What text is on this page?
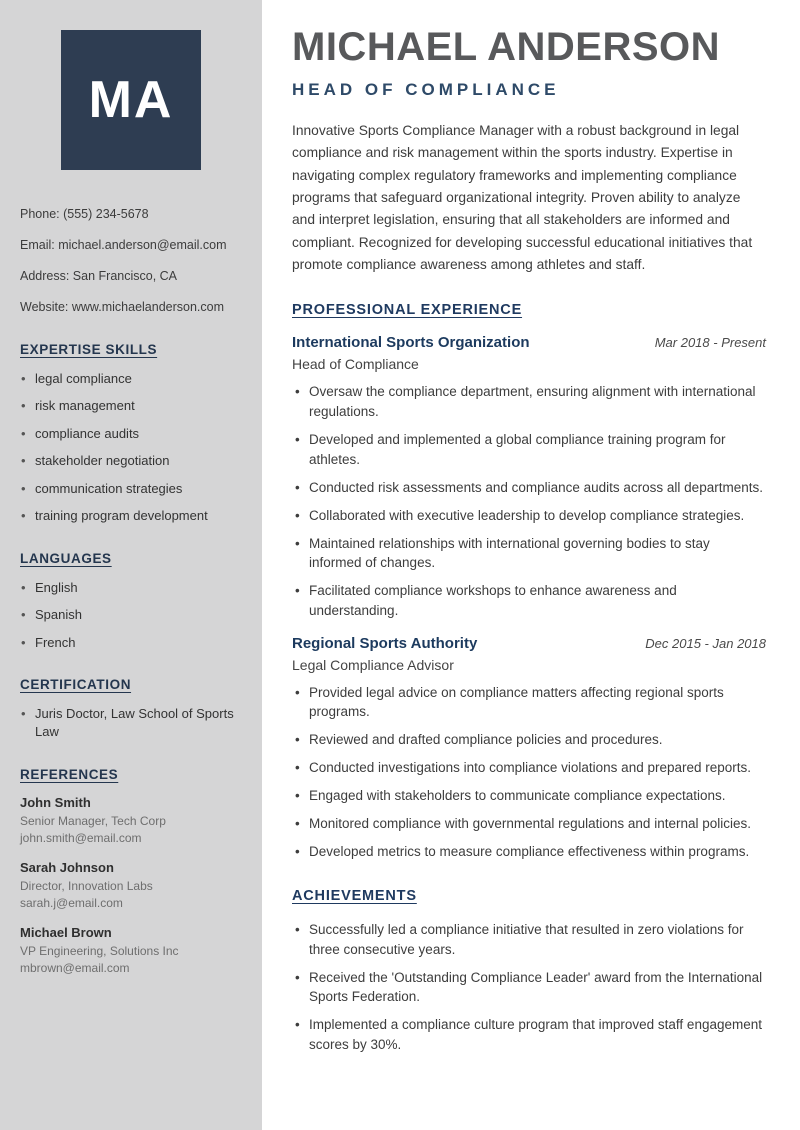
MA
Phone: (555) 234-5678
Email: michael.anderson@email.com
Address: San Francisco, CA
Website: www.michaelanderson.com
EXPERTISE SKILLS
• legal compliance
• risk management
• compliance audits
• stakeholder negotiation
• communication strategies
• training program development
LANGUAGES
• English
• Spanish
• French
CERTIFICATION
• Juris Doctor, Law School of Sports Law
REFERENCES
John Smith
Senior Manager, Tech Corp
john.smith@email.com
Sarah Johnson
Director, Innovation Labs
sarah.j@email.com
Michael Brown
VP Engineering, Solutions Inc
mbrown@email.com
MICHAEL ANDERSON
HEAD OF COMPLIANCE

Innovative Sports Compliance Manager with a robust background in legal compliance and risk management within the sports industry. Expertise in navigating complex regulatory frameworks and implementing compliance programs that safeguard organizational integrity. Proven ability to analyze and interpret legislation, ensuring that all stakeholders are informed and compliant. Recognized for developing successful educational initiatives that promote compliance awareness among athletes and staff.

PROFESSIONAL EXPERIENCE
International Sports Organization	Mar 2018 - Present
Head of Compliance
• Oversaw the compliance department, ensuring alignment with international regulations.
• Developed and implemented a global compliance training program for athletes.
• Conducted risk assessments and compliance audits across all departments.
• Collaborated with executive leadership to develop compliance strategies.
• Maintained relationships with international governing bodies to stay informed of changes.
• Facilitated compliance workshops to enhance awareness and understanding.
Regional Sports Authority	Dec 2015 - Jan 2018
Legal Compliance Advisor
• Provided legal advice on compliance matters affecting regional sports programs.
• Reviewed and drafted compliance policies and procedures.
• Conducted investigations into compliance violations and prepared reports.
• Engaged with stakeholders to communicate compliance expectations.
• Monitored compliance with governmental regulations and internal policies.
• Developed metrics to measure compliance effectiveness within programs.
ACHIEVEMENTS
• Successfully led a compliance initiative that resulted in zero violations for three consecutive years.
• Received the 'Outstanding Compliance Leader' award from the International Sports Federation.
• Implemented a compliance culture program that improved staff engagement scores by 30%.
